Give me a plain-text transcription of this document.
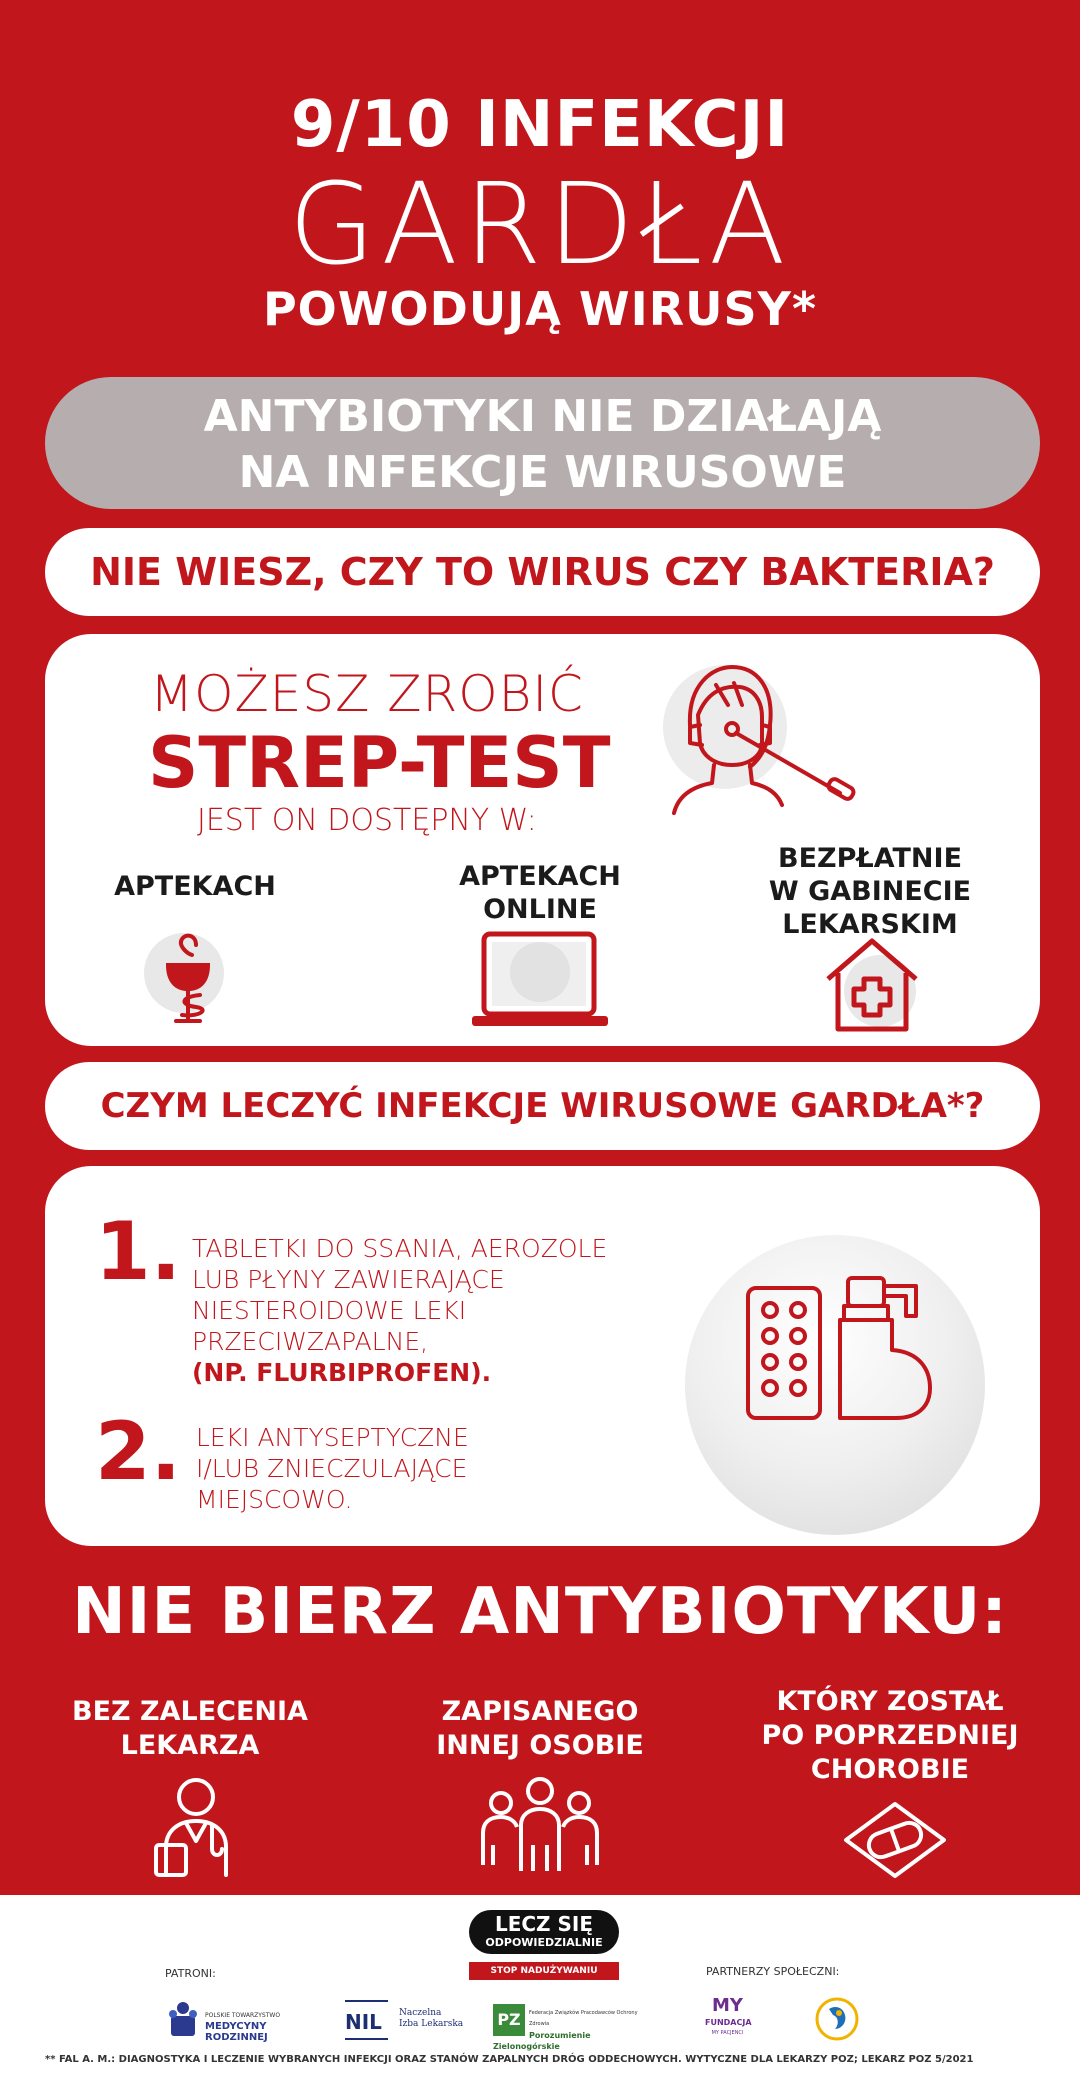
9/10 INFEKCJI
GARDŁA
POWODUJĄ WIRUSY*
ANTYBIOTYKI NIE DZIAŁAJĄ
NA INFEKCJE WIRUSOWE
NIE WIESZ, CZY TO WIRUS CZY BAKTERIA?
MOŻESZ ZROBIĆ
STREP-TEST
JEST ON DOSTĘPNY W:
APTEKACH	APTEKACH
ONLINE
BEZPŁATNIE
W GABINECIE
LEKARSKIM
CZYM LECZYĆ INFEKCJE WIRUSOWE GARDŁA*?
1. TABLETKI DO SSANIA, AEROZOLE
LUB PŁYNY ZAWIERAJĄCE
NIESTEROIDOWE LEKI
PRZECIWZAPALNE,
(NP. FLURBIPROFEN).
2. LEKI ANTYSEPTYCZNE
I/LUB ZNIECZULAJĄCE
MIEJSCOWO.
NIE BIERZ ANTYBIOTYKU:
BEZ ZALECENIA
LEKARZA
ZAPISANEGO
INNEJ OSOBIE
KTÓRY ZOSTAŁ
PO POPRZEDNIEJ
CHOROBIE
LECZ SIĘ
ODPOWIEDZIALNIE
STOP NADUŻYWANIU ANTYBIOTYKÓW
PATRONI:	PARTNERZY SPOŁECZNI:
POLSKIE TOWARZYSTWO
MEDYCYNY RODZINNEJ
NIL	Naczelna
Izba Lekarska PZ	Federacja Związków Pracodawców Ochrony Zdrowia
Porozumienie Zielonogórskie
MY
FUNDACJA
MY PACJENCI
** FAL A. M.: DIAGNOSTYKA I LECZENIE WYBRANYCH INFEKCJI ORAZ STANÓW ZAPALNYCH DRÓG ODDECHOWYCH. WYTYCZNE DLA LEKARZY POZ; LEKARZ POZ 5/2021
